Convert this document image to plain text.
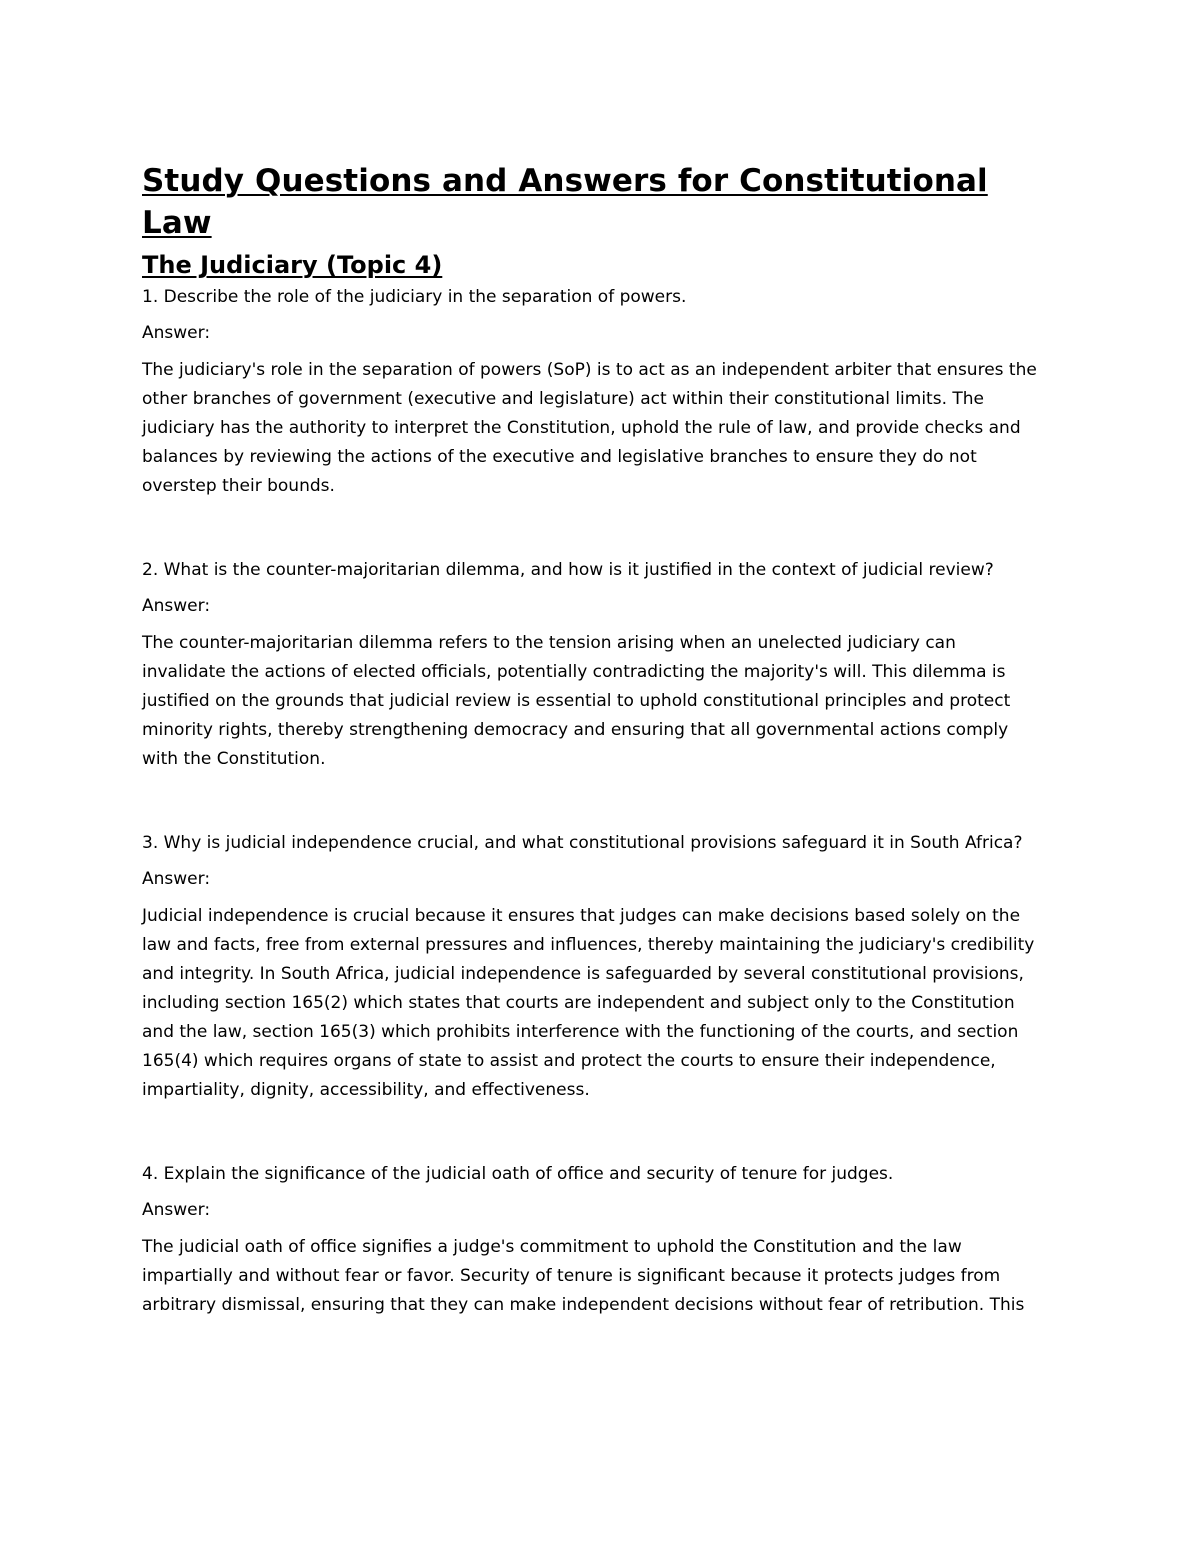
Study Questions and Answers for Constitutional
Law
The Judiciary (Topic 4)

1. Describe the role of the judiciary in the separation of powers.

Answer:

The judiciary's role in the separation of powers (SoP) is to act as an independent arbiter that ensures the
other branches of government (executive and legislature) act within their constitutional limits. The
judiciary has the authority to interpret the Constitution, uphold the rule of law, and provide checks and
balances by reviewing the actions of the executive and legislative branches to ensure they do not
overstep their bounds.

2. What is the counter-majoritarian dilemma, and how is it justified in the context of judicial review?

Answer:

The counter-majoritarian dilemma refers to the tension arising when an unelected judiciary can
invalidate the actions of elected officials, potentially contradicting the majority's will. This dilemma is
justified on the grounds that judicial review is essential to uphold constitutional principles and protect
minority rights, thereby strengthening democracy and ensuring that all governmental actions comply
with the Constitution.

3. Why is judicial independence crucial, and what constitutional provisions safeguard it in South Africa?

Answer:

Judicial independence is crucial because it ensures that judges can make decisions based solely on the
law and facts, free from external pressures and influences, thereby maintaining the judiciary's credibility
and integrity. In South Africa, judicial independence is safeguarded by several constitutional provisions,
including section 165(2) which states that courts are independent and subject only to the Constitution
and the law, section 165(3) which prohibits interference with the functioning of the courts, and section
165(4) which requires organs of state to assist and protect the courts to ensure their independence,
impartiality, dignity, accessibility, and effectiveness.

4. Explain the significance of the judicial oath of office and security of tenure for judges.

Answer:

The judicial oath of office signifies a judge's commitment to uphold the Constitution and the law
impartially and without fear or favor. Security of tenure is significant because it protects judges from
arbitrary dismissal, ensuring that they can make independent decisions without fear of retribution. This
